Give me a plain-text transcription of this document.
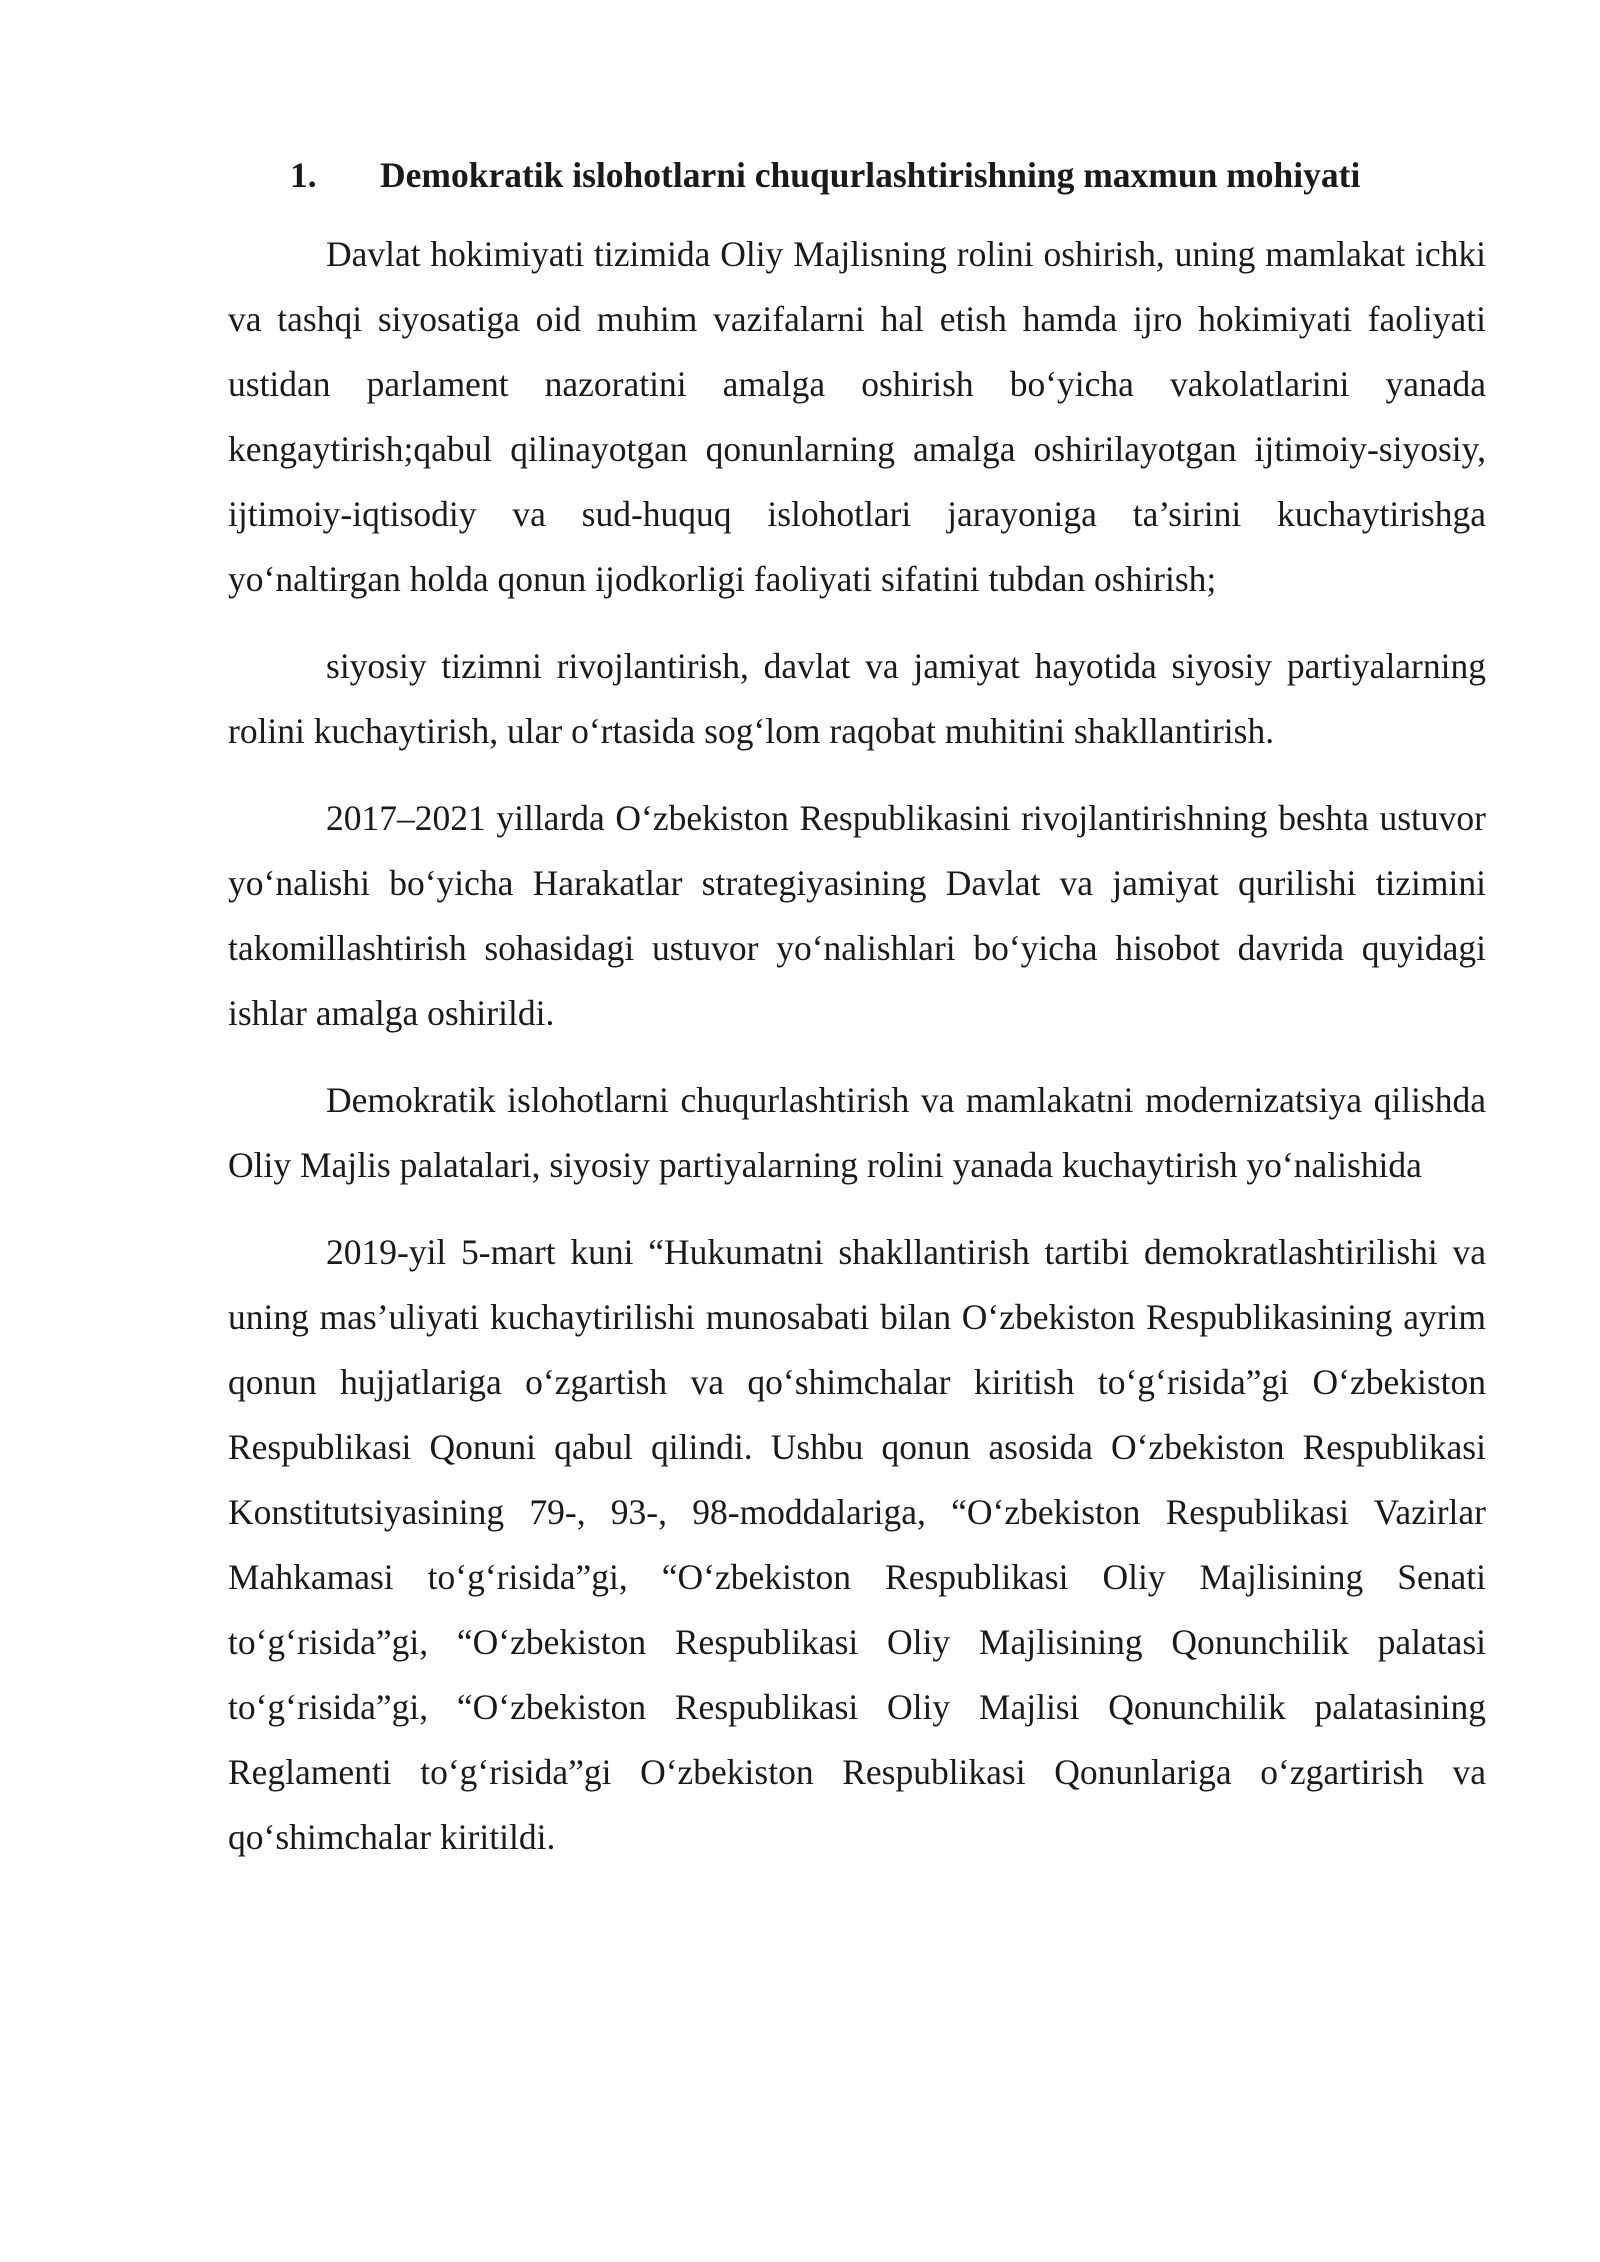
1.	Demokratik islohotlarni chuqurlashtirishning maxmun mohiyati

Davlat hokimiyati tizimida Oliy Majlisning rolini oshirish, uning mamlakat ichki va tashqi siyosatiga oid muhim vazifalarni hal etish hamda ijro hokimiyati faoliyati ustidan parlament nazoratini amalga oshirish bo‘yicha vakolatlarini yanada kengaytirish;qabul qilinayotgan qonunlarning amalga oshirilayotgan ijtimoiy-siyosiy, ijtimoiy-iqtisodiy va sud-huquq islohotlari jarayoniga ta’sirini kuchaytirishga yo‘naltirgan holda qonun ijodkorligi faoliyati sifatini tubdan oshirish;

siyosiy tizimni rivojlantirish, davlat va jamiyat hayotida siyosiy partiyalarning rolini kuchaytirish, ular o‘rtasida sog‘lom raqobat muhitini shakllantirish.

2017–2021 yillarda O‘zbekiston Respublikasini rivojlantirishning beshta ustuvor yo‘nalishi bo‘yicha Harakatlar strategiyasining Davlat va jamiyat qurilishi tizimini takomillashtirish sohasidagi ustuvor yo‘nalishlari bo‘yicha hisobot davrida quyidagi ishlar amalga oshirildi.

Demokratik islohotlarni chuqurlashtirish va mamlakatni modernizatsiya qilishda Oliy Majlis palatalari, siyosiy partiyalarning rolini yanada kuchaytirish yo‘nalishida

2019-yil 5-mart kuni “Hukumatni shakllantirish tartibi demokratlashtirilishi va uning mas’uliyati kuchaytirilishi munosabati bilan O‘zbekiston Respublikasining ayrim qonun hujjatlariga o‘zgartish va qo‘shimchalar kiritish to‘g‘risida”gi O‘zbekiston Respublikasi Qonuni qabul qilindi. Ushbu qonun asosida O‘zbekiston Respublikasi Konstitutsiyasining 79-, 93-, 98-moddalariga, “O‘zbekiston Respublikasi Vazirlar Mahkamasi to‘g‘risida”gi, “O‘zbekiston Respublikasi Oliy Majlisining Senati to‘g‘risida”gi, “O‘zbekiston Respublikasi Oliy Majlisining Qonunchilik palatasi to‘g‘risida”gi, “O‘zbekiston Respublikasi Oliy Majlisi Qonunchilik palatasining Reglamenti to‘g‘risida”gi O‘zbekiston Respublikasi Qonunlariga o‘zgartirish va qo‘shimchalar kiritildi.
